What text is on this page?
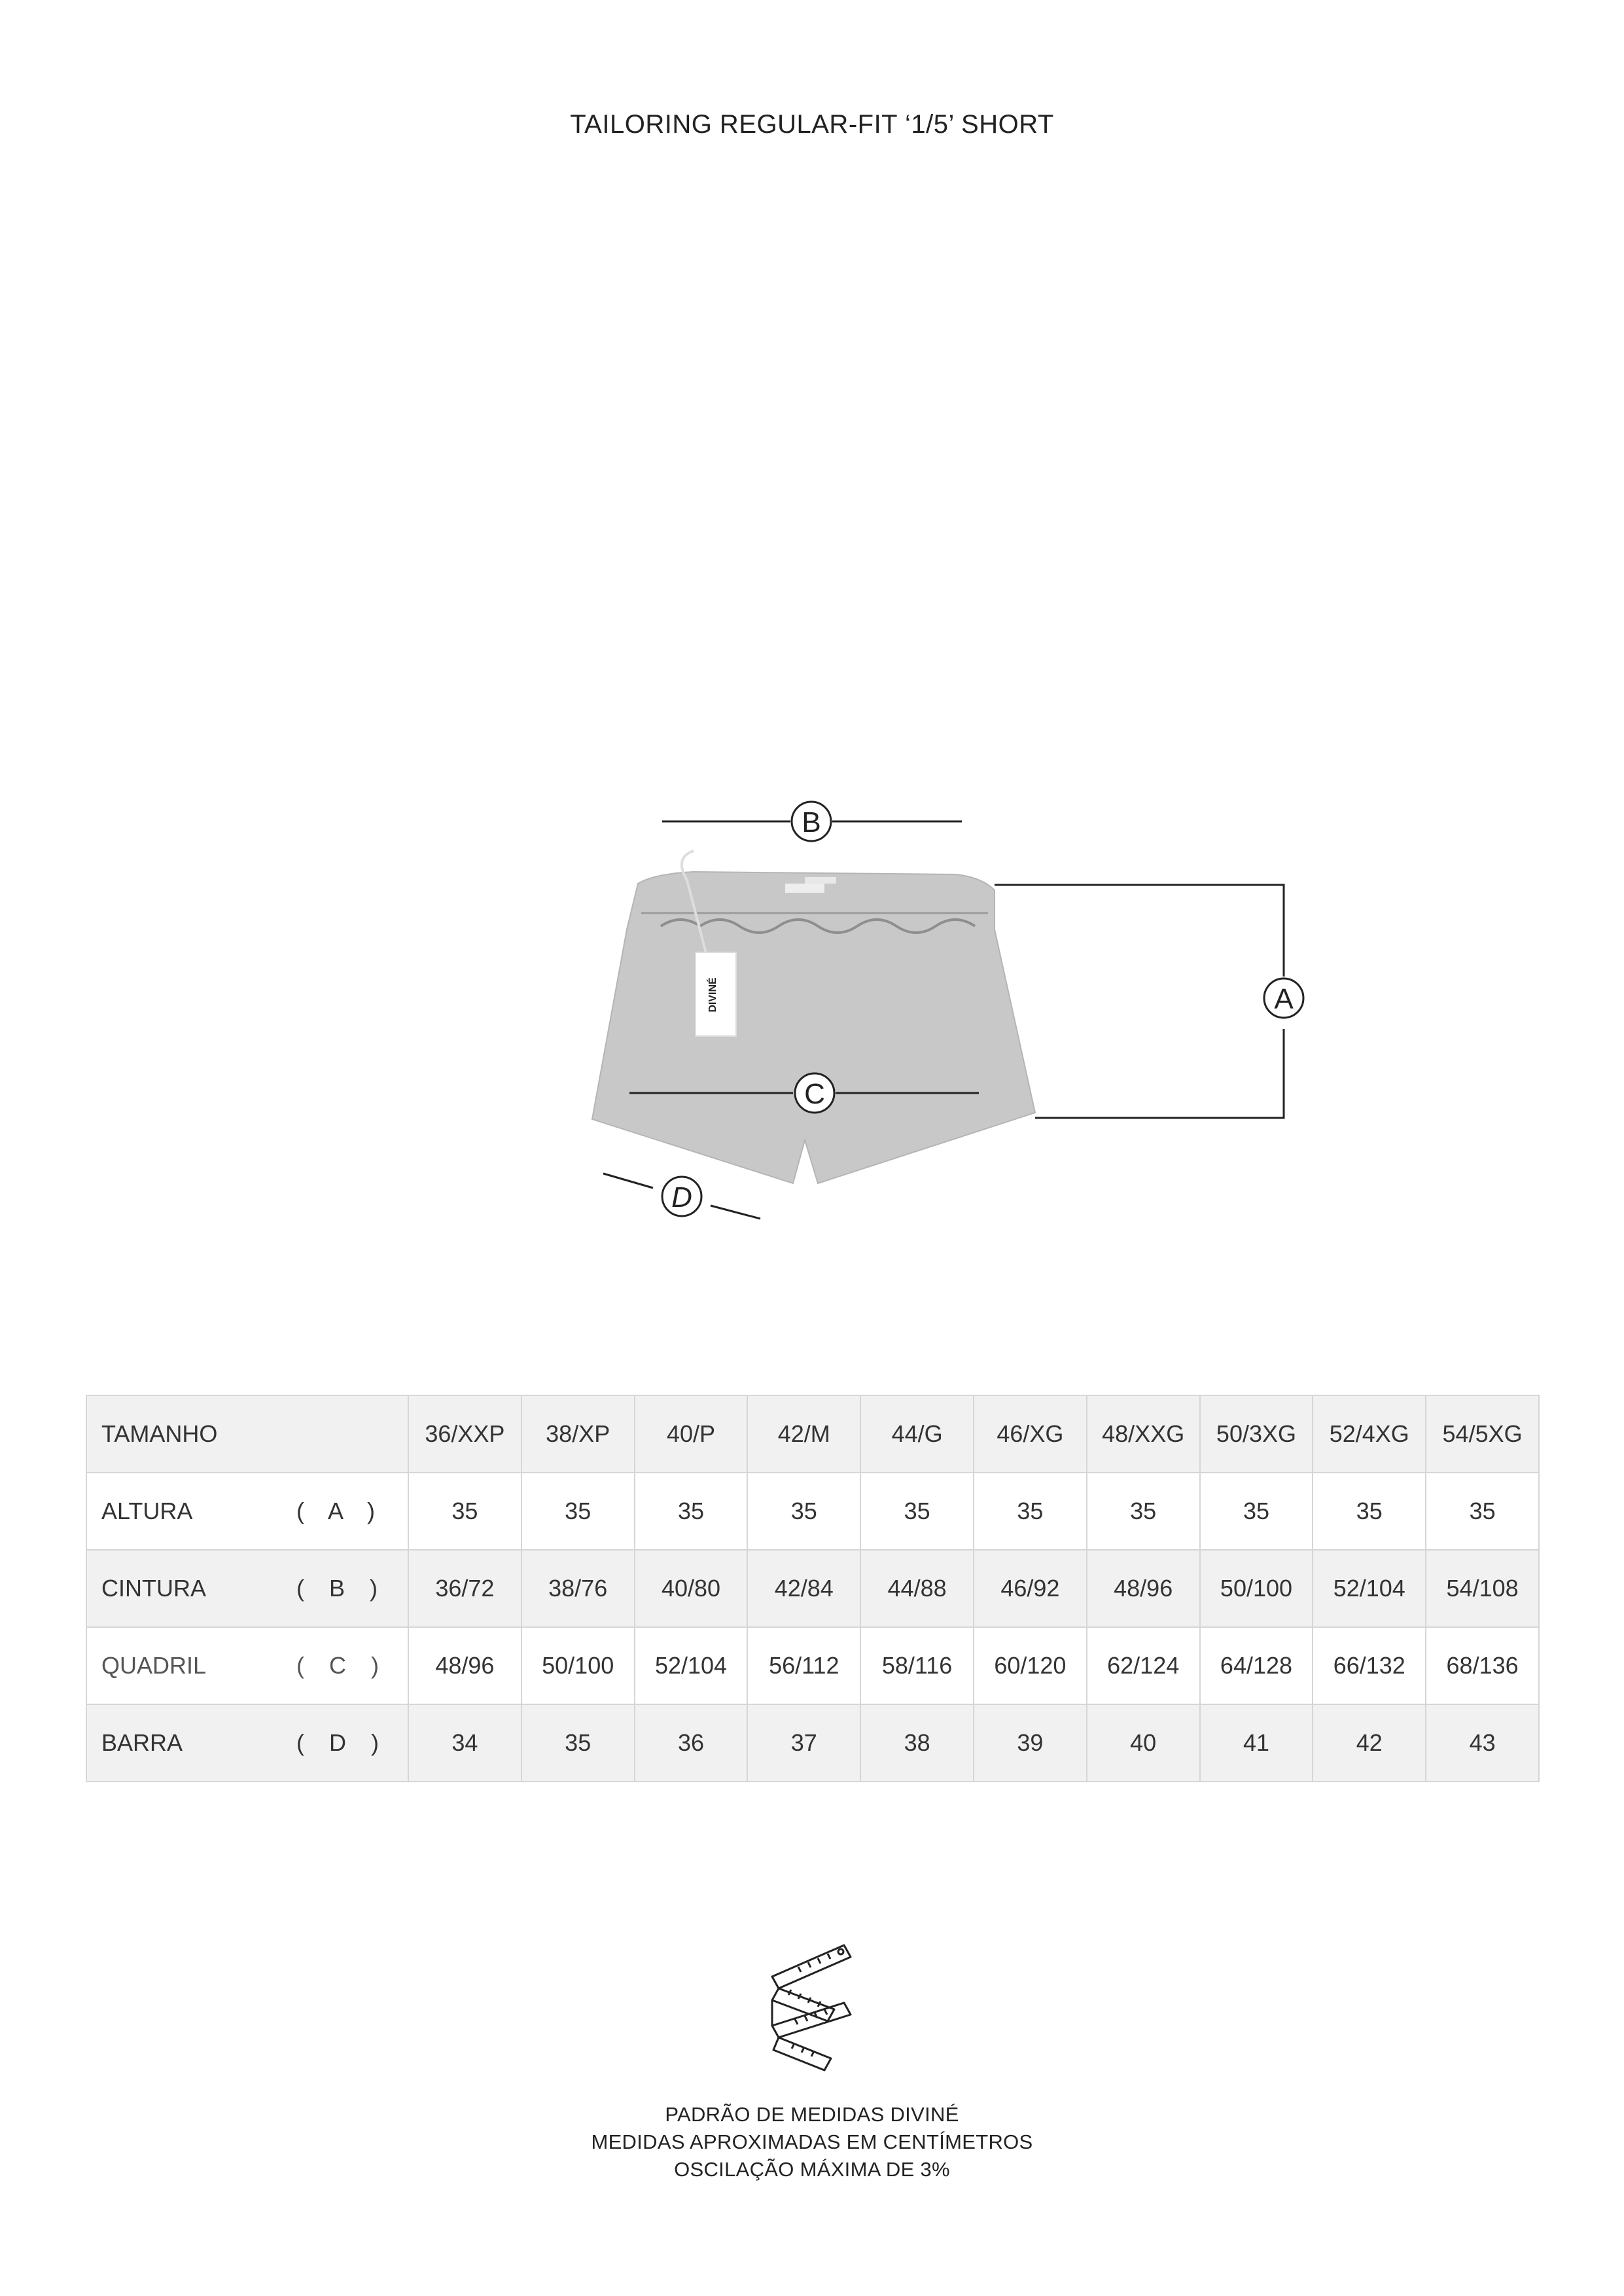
TAILORING REGULAR-FIT ‘1/5’ SHORT
DIVINÉ
B
A
C
D
TAMANHO	36/XXP	38/XP	40/P	42/M	44/G	46/XG	48/XXG	50/3XG	52/4XG	54/5XG
ALTURA ( A )	35	35	35	35	35	35	35	35	35	35
CINTURA ( B )	36/72	38/76	40/80	42/84	44/88	46/92	48/96	50/100	52/104	54/108
QUADRIL ( C )	48/96	50/100	52/104	56/112	58/116	60/120	62/124	64/128	66/132	68/136
BARRA ( D )	34	35	36	37	38	39	40	41	42	43
PADRÃO DE MEDIDAS DIVINÉ
MEDIDAS APROXIMADAS EM CENTÍMETROS
OSCILAÇÃO MÁXIMA DE 3%
